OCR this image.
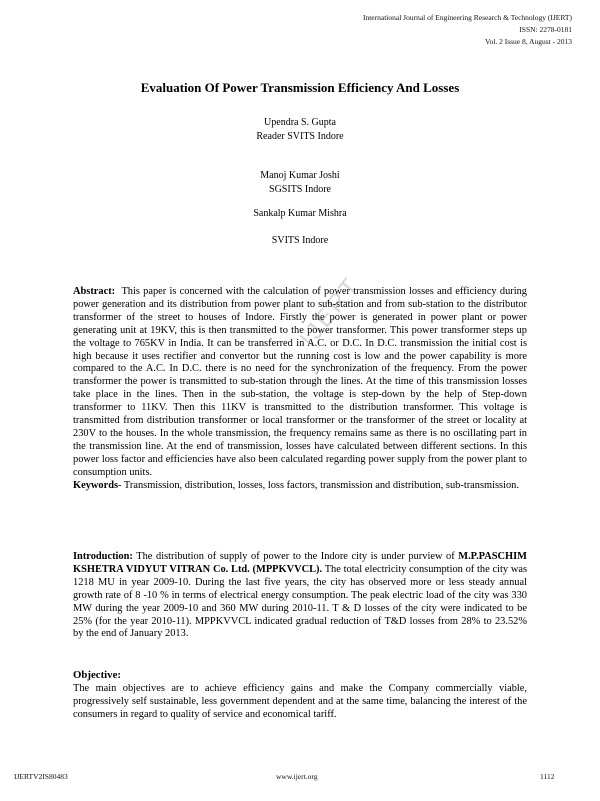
International Journal of Engineering Research & Technology (IJERT)
ISSN: 2278-0181
Vol. 2 Issue 8, August - 2013
Evaluation Of Power Transmission Efficiency And Losses
Upendra S. Gupta
Reader SVITS Indore
Manoj Kumar Joshi
SGSITS Indore
Sankalp Kumar Mishra
SVITS Indore
IJERT

Abstract: This paper is concerned with the calculation of power transmission losses and efficiency during power generation and its distribution from power plant to sub-station and from sub-station to the distributor transformer of the street to houses of Indore. Firstly the power is generated in power plant or power generating unit at 19KV, this is then transmitted to the power transformer. This power transformer steps up the voltage to 765KV in India. It can be transferred in A.C. or D.C. In D.C. transmission the initial cost is high because it uses rectifier and convertor but the running cost is low and the power capability is more compared to the A.C. In D.C. there is no need for the synchronization of the frequency. From the power transformer the power is transmitted to sub-station through the lines. At the time of this transmission losses take place in the lines. Then in the sub-station, the voltage is step-down by the help of Step-down transformer to 11KV. Then this 11KV is transmitted to the distribution transformer. This voltage is transmitted from distribution transformer or local transformer or the transformer of the street or locality at 230V to the houses. In the whole transmission, the frequency remains same as there is no oscillating part in the transmission line. At the end of transmission, losses have calculated between different sections. In this power loss factor and efficiencies have also been calculated regarding power supply from the power plant to consumption units.

Keywords- Transmission, distribution, losses, loss factors, transmission and distribution, sub-transmission.

Introduction: The distribution of supply of power to the Indore city is under purview of M.P.PASCHIM KSHETRA VIDYUT VITRAN Co. Ltd. (MPPKVVCL). The total electricity consumption of the city was 1218 MU in year 2009-10. During the last five years, the city has observed more or less steady annual growth rate of 8 -10 % in terms of electrical energy consumption. The peak electric load of the city was 330 MW during the year 2009-10 and 360 MW during 2010-11. T & D losses of the city were indicated to be 25% (for the year 2010-11). MPPKVVCL indicated gradual reduction of T&D losses from 28% to 23.52% by the end of January 2013.

Objective:

The main objectives are to achieve efficiency gains and make the Company commercially viable, progressively self sustainable, less government dependent and at the same time, balancing the interest of the consumers in regard to quality of service and economical tariff.

IJERTV2IS80483	www.ijert.org	1112
